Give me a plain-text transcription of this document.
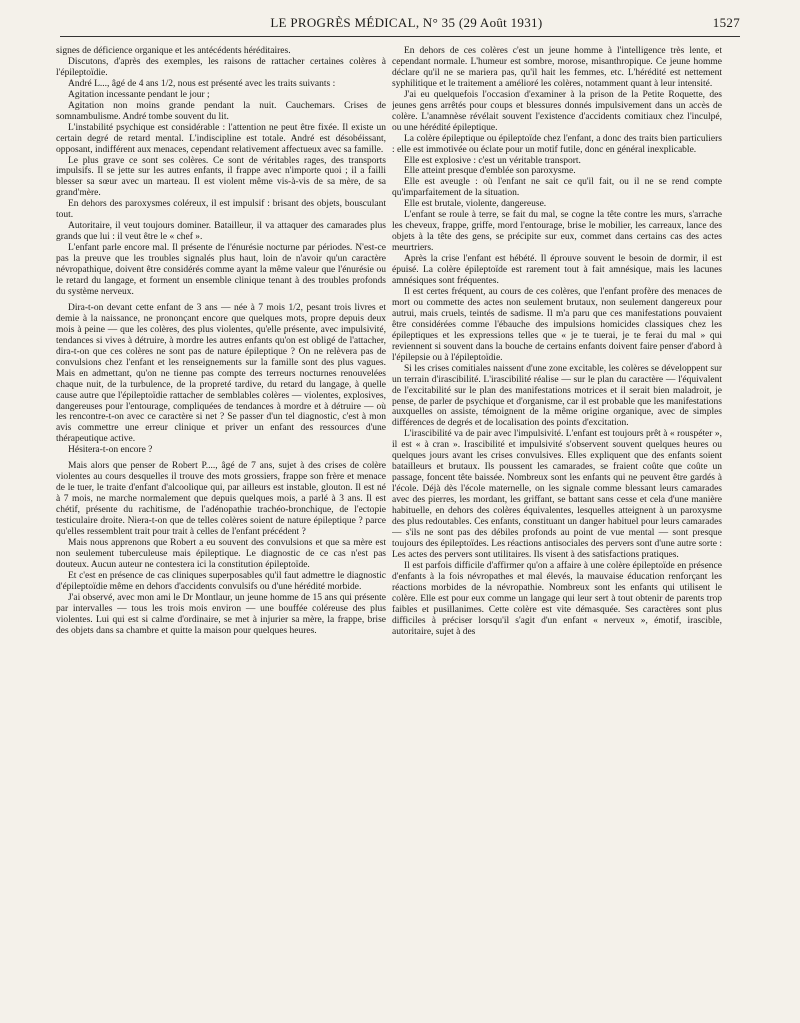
LE PROGRÈS MÉDICAL, N° 35 (29 Août 1931)	1527

signes de déficience organique et les antécédents héréditaires.

Discutons, d'après des exemples, les raisons de rattacher certaines colères à l'épileptoïdie.

André L..., âgé de 4 ans 1/2, nous est présenté avec les traits suivants :

Agitation incessante pendant le jour ;

Agitation non moins grande pendant la nuit. Cauchemars. Crises de somnambulisme. André tombe souvent du lit.

L'instabilité psychique est considérable : l'attention ne peut être fixée. Il existe un certain degré de retard mental. L'indiscipline est totale. André est désobéissant, opposant, indifférent aux menaces, cependant relativement affectueux avec sa famille.

Le plus grave ce sont ses colères. Ce sont de véritables rages, des transports impulsifs. Il se jette sur les autres enfants, il frappe avec n'importe quoi ; il a failli blesser sa sœur avec un marteau. Il est violent même vis-à-vis de sa mère, de sa grand'mère.

En dehors des paroxysmes coléreux, il est impulsif : brisant des objets, bousculant tout.

Autoritaire, il veut toujours dominer. Batailleur, il va attaquer des camarades plus grands que lui : il veut être le « chef ».

L'enfant parle encore mal. Il présente de l'énurésie nocturne par périodes. N'est-ce pas la preuve que les troubles signalés plus haut, loin de n'avoir qu'un caractère névropathique, doivent être considérés comme ayant la même valeur que l'énurésie ou le retard du langage, et forment un ensemble clinique tenant à des troubles profonds du système nerveux.

Dira-t-on devant cette enfant de 3 ans — née à 7 mois 1/2, pesant trois livres et demie à la naissance, ne prononçant encore que quelques mots, propre depuis deux mois à peine — que les colères, des plus violentes, qu'elle présente, avec impulsivité, tendances si vives à détruire, à mordre les autres enfants qu'on est obligé de l'attacher, dira-t-on que ces colères ne sont pas de nature épileptique ? On ne relèvera pas de convulsions chez l'enfant et les renseignements sur la famille sont des plus vagues. Mais en admettant, qu'on ne tienne pas compte des terreurs nocturnes renouvelées chaque nuit, de la turbulence, de la propreté tardive, du retard du langage, à quelle cause autre que l'épileptoïdie rattacher de semblables colères — violentes, explosives, dangereuses pour l'entourage, compliquées de tendances à mordre et à détruire — où les rencontre-t-on avec ce caractère si net ? Se passer d'un tel diagnostic, c'est à mon avis commettre une erreur clinique et priver un enfant des ressources d'une thérapeutique active.

Hésitera-t-on encore ?

Mais alors que penser de Robert P...., âgé de 7 ans, sujet à des crises de colère violentes au cours desquelles il trouve des mots grossiers, frappe son frère et menace de le tuer, le traite d'enfant d'alcoolique qui, par ailleurs est instable, glouton. Il est né à 7 mois, ne marche normalement que depuis quelques mois, a parlé à 3 ans. Il est chétif, présente du rachitisme, de l'adénopathie trachéo-bronchique, de l'ectopie testiculaire droite. Niera-t-on que de telles colères soient de nature épileptique ? parce qu'elles ressemblent trait pour trait à celles de l'enfant précédent ?

Mais nous apprenons que Robert a eu souvent des convulsions et que sa mère est non seulement tuberculeuse mais épileptique. Le diagnostic de ce cas n'est pas douteux. Aucun auteur ne contestera ici la constitution épileptoïde.

Et c'est en présence de cas cliniques superposables qu'il faut admettre le diagnostic d'épileptoïdie même en dehors d'accidents convulsifs ou d'une hérédité morbide.

J'ai observé, avec mon ami le Dr Montlaur, un jeune homme de 15 ans qui présente par intervalles — tous les trois mois environ — une bouffée coléreuse des plus violentes. Lui qui est si calme d'ordinaire, se met à injurier sa mère, la frappe, brise des objets dans sa chambre et quitte la maison pour quelques heures.

En dehors de ces colères c'est un jeune homme à l'intelligence très lente, et cependant normale. L'humeur est sombre, morose, misanthropique. Ce jeune homme déclare qu'il ne se mariera pas, qu'il hait les femmes, etc. L'hérédité est nettement syphilitique et le traitement a amélioré les colères, notamment quant à leur intensité.

J'ai eu quelquefois l'occasion d'examiner à la prison de la Petite Roquette, des jeunes gens arrêtés pour coups et blessures donnés impulsivement dans un accès de colère. L'anamnèse révélait souvent l'existence d'accidents comitiaux chez l'inculpé, ou une hérédité épileptique.

La colère épileptique ou épileptoïde chez l'enfant, a donc des traits bien particuliers : elle est immotivée ou éclate pour un motif futile, donc en général inexplicable.

Elle est explosive : c'est un véritable transport.

Elle atteint presque d'emblée son paroxysme.

Elle est aveugle : où l'enfant ne sait ce qu'il fait, ou il ne se rend compte qu'imparfaitement de la situation.

Elle est brutale, violente, dangereuse.

L'enfant se roule à terre, se fait du mal, se cogne la tête contre les murs, s'arrache les cheveux, frappe, griffe, mord l'entourage, brise le mobilier, les carreaux, lance des objets à la tête des gens, se précipite sur eux, commet dans certains cas des actes meurtriers.

Après la crise l'enfant est hébété. Il éprouve souvent le besoin de dormir, il est épuisé. La colère épileptoïde est rarement tout à fait amnésique, mais les lacunes amnésiques sont fréquentes.

Il est certes fréquent, au cours de ces colères, que l'enfant profère des menaces de mort ou commette des actes non seulement brutaux, non seulement dangereux pour autrui, mais cruels, teintés de sadisme. Il m'a paru que ces manifestations pouvaient être considérées comme l'ébauche des impulsions homicides classiques chez les épileptiques et les expressions telles que « je te tuerai, je te ferai du mal » qui reviennent si souvent dans la bouche de certains enfants doivent faire penser d'abord à l'épilepsie ou à l'épileptoïdie.

Si les crises comitiales naissent d'une zone excitable, les colères se développent sur un terrain d'irascibilité. L'irascibilité réalise — sur le plan du caractère — l'équivalent de l'excitabilité sur le plan des manifestations motrices et il serait bien maladroit, je pense, de parler de psychique et d'organisme, car il est probable que les manifestations auxquelles on assiste, témoignent de la même origine organique, avec de simples différences de degrés et de localisation des points d'excitation.

L'irascibilité va de pair avec l'impulsivité. L'enfant est toujours prêt à « rouspéter », il est « à cran ». Irascibilité et impulsivité s'observent souvent quelques heures ou quelques jours avant les crises convulsives. Elles expliquent que des enfants soient batailleurs et brutaux. Ils poussent les camarades, se fraient coûte que coûte un passage, foncent tête baissée. Nombreux sont les enfants qui ne peuvent être gardés à l'école. Déjà dès l'école maternelle, on les signale comme blessant leurs camarades avec des pierres, les mordant, les griffant, se battant sans cesse et cela d'une manière habituelle, en dehors des colères équivalentes, lesquelles atteignent à un paroxysme des plus redoutables. Ces enfants, constituant un danger habituel pour leurs camarades — s'ils ne sont pas des débiles profonds au point de vue mental — sont presque toujours des épileptoïdes. Les réactions antisociales des pervers sont d'une autre sorte : Les actes des pervers sont utilitaires. Ils visent à des satisfactions pratiques.

Il est parfois difficile d'affirmer qu'on a affaire à une colère épileptoïde en présence d'enfants à la fois névropathes et mal élevés, la mauvaise éducation renforçant les réactions morbides de la névropathie. Nombreux sont les enfants qui utilisent le colère. Elle est pour eux comme un langage qui leur sert à tout obtenir de parents trop faibles et pusillanimes. Cette colère est vite démasquée. Ses caractères sont plus difficiles à préciser lorsqu'il s'agit d'un enfant « nerveux », émotif, irascible, autoritaire, sujet à des
